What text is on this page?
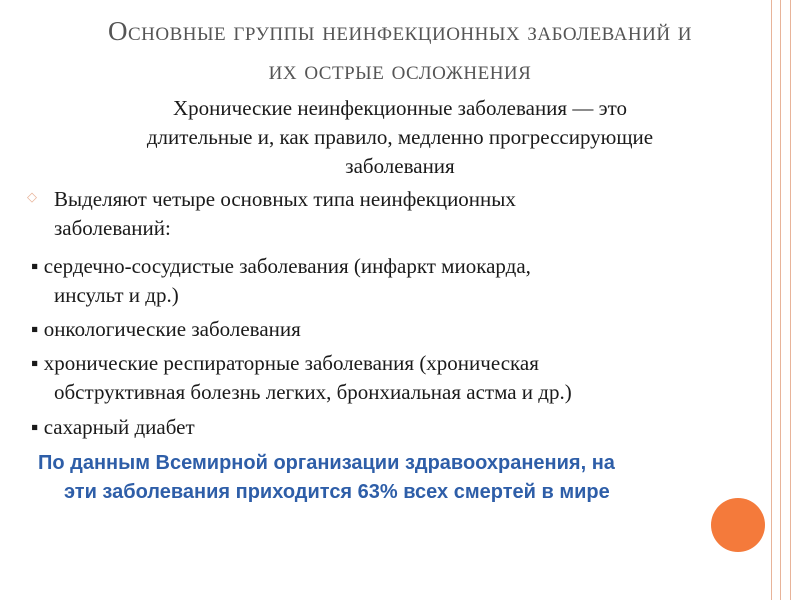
Основные группы неинфекционных заболеваний и
их острые осложнения
Хронические неинфекционные заболевания — это
длительные и, как правило, медленно прогрессирующие
заболевания
◇ Выделяют четыре основных типа неинфекционных
заболеваний:
▪ сердечно-сосудистые заболевания (инфаркт миокарда,
инсульт и др.)
▪ онкологические заболевания
▪ хронические респираторные заболевания (хроническая
обструктивная болезнь легких, бронхиальная астма и др.)
▪ сахарный диабет
По данным Всемирной организации здравоохранения, на
эти заболевания приходится 63% всех смертей в мире
